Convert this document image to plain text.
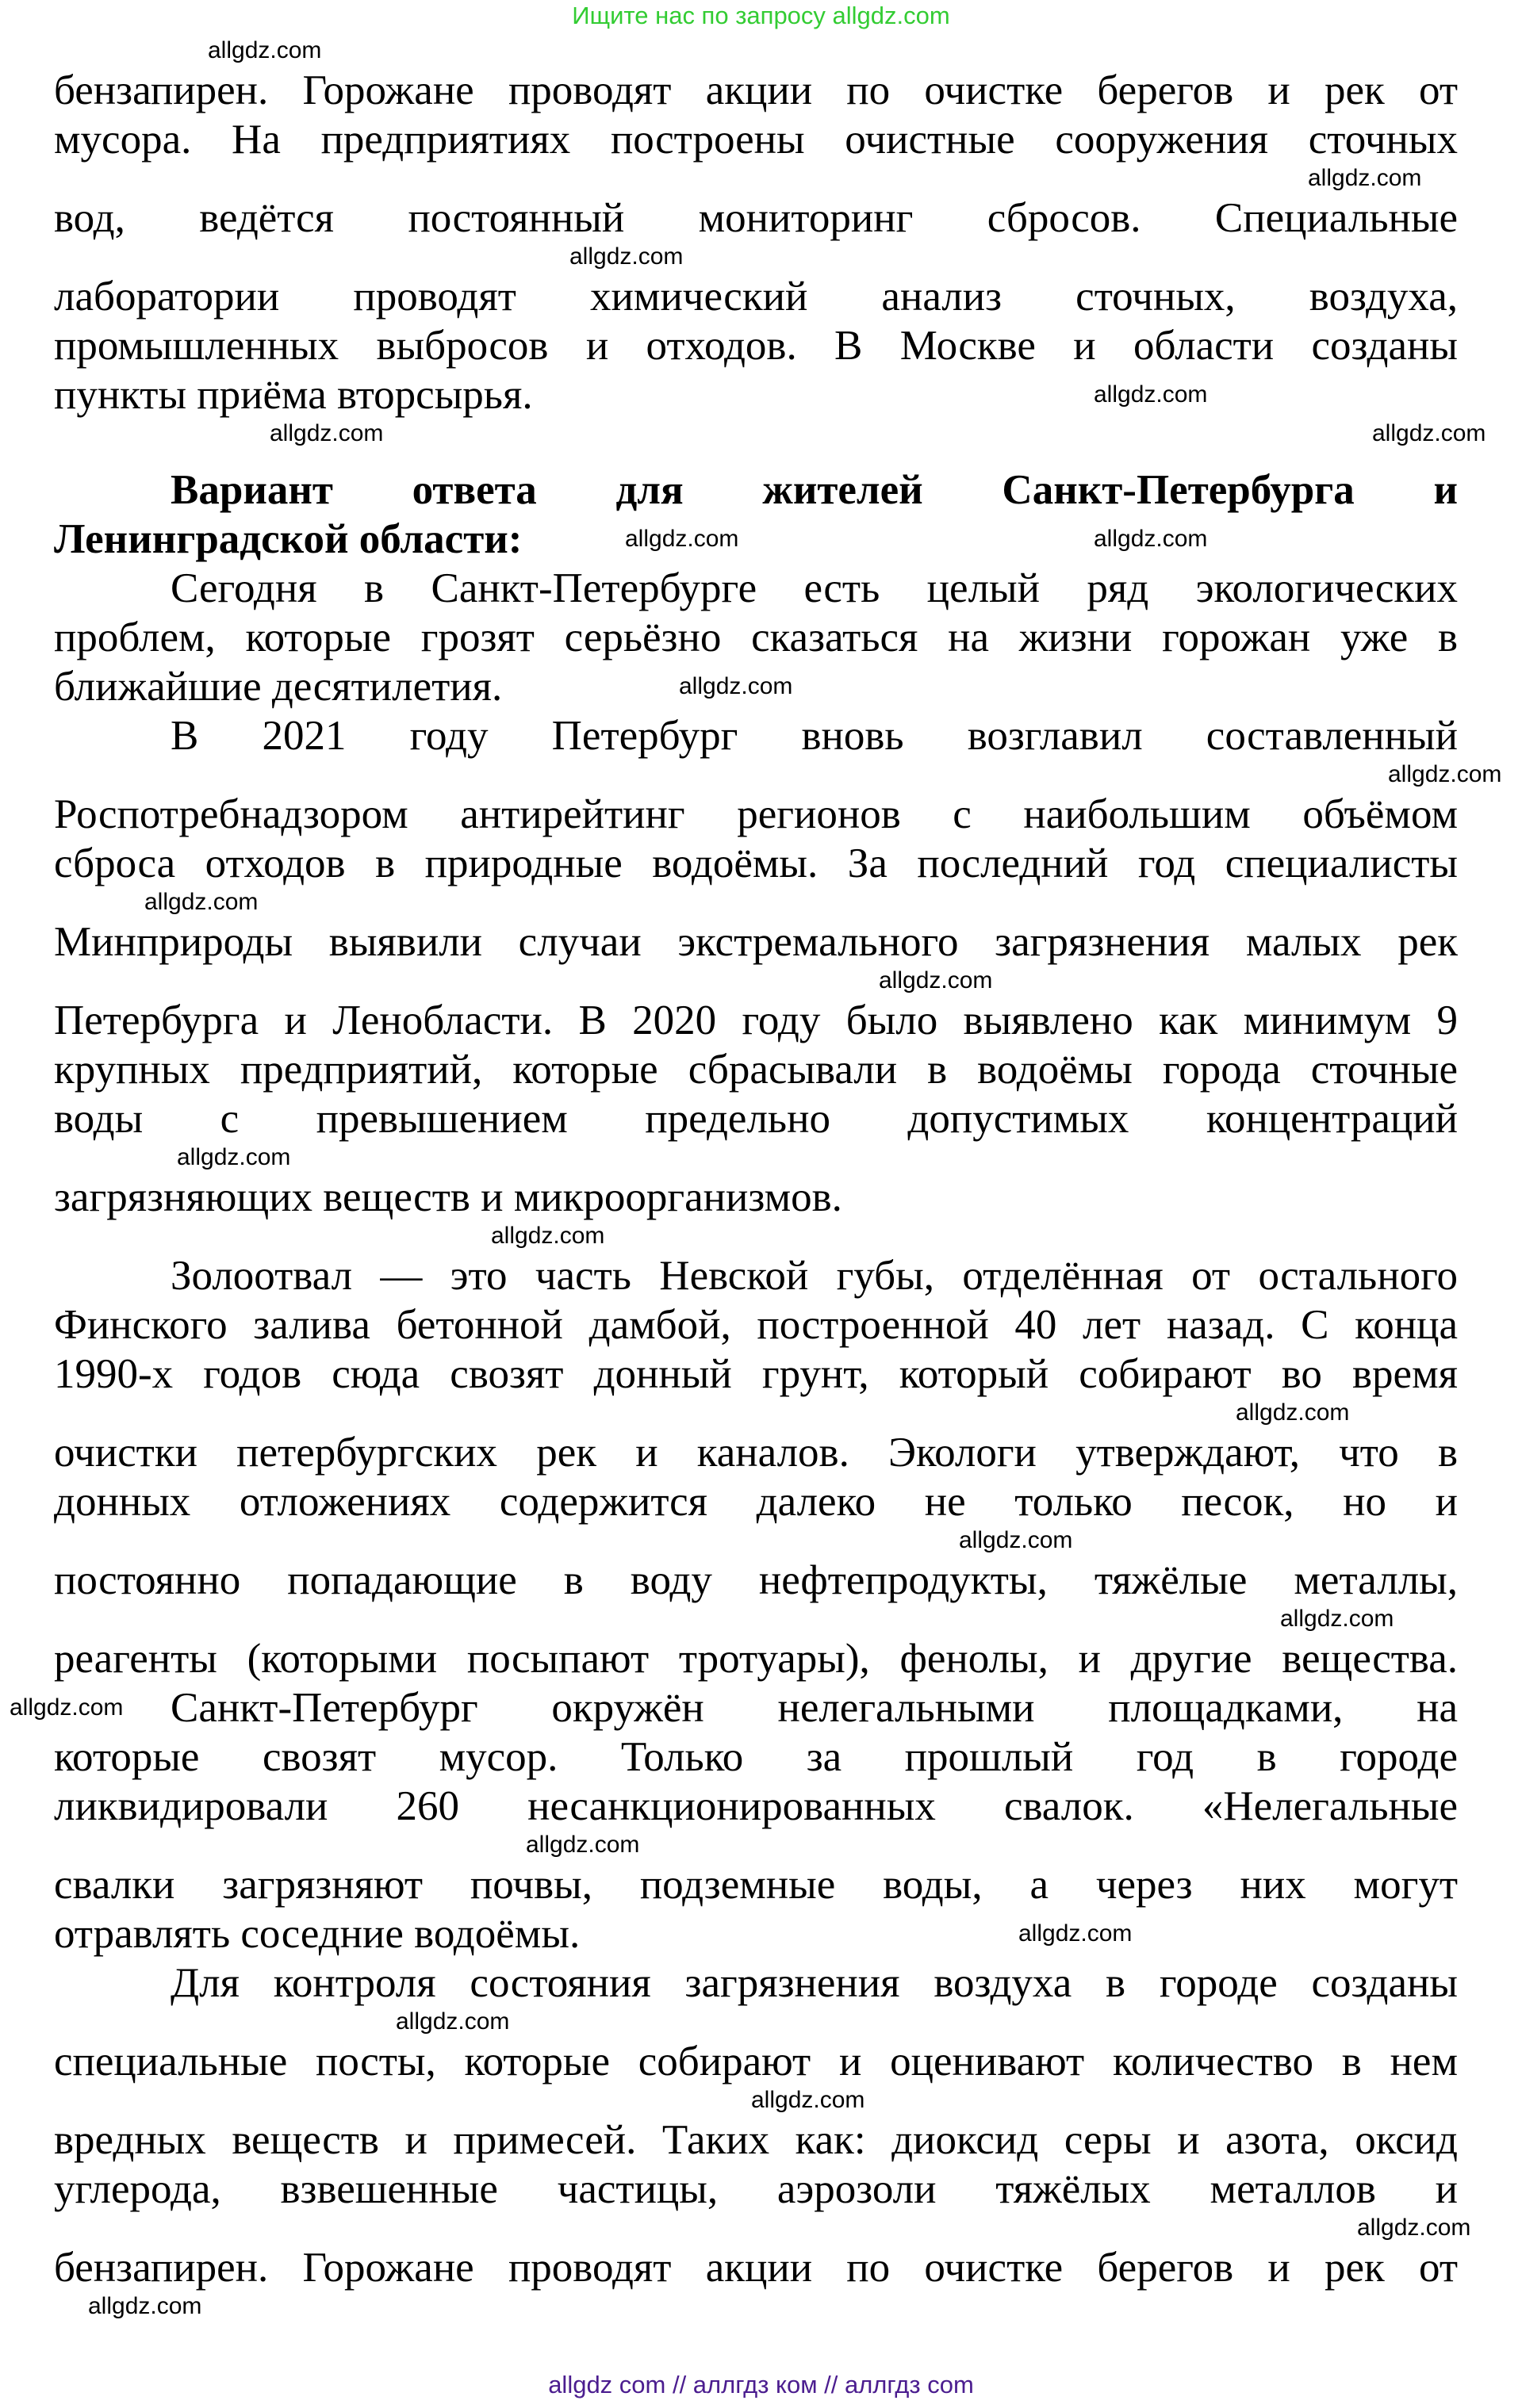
Ищите нас по запросу allgdz.com
бензапирен. Горожане проводят акции по очистке берегов и рек от
мусора. На предприятиях построены очистные сооружения сточных
вод, ведётся постоянный мониторинг сбросов. Специальные
лаборатории проводят химический анализ сточных, воздуха,
промышленных выбросов и отходов. В Москве и области созданы
пункты приёма вторсырья.
Вариант ответа для жителей Санкт-Петербурга и
Ленинградской области:
Сегодня в Санкт-Петербурге есть целый ряд экологических
проблем, которые грозят серьёзно сказаться на жизни горожан уже в
ближайшие десятилетия.
В 2021 году Петербург вновь возглавил составленный
Роспотребнадзором антирейтинг регионов с наибольшим объёмом
сброса отходов в природные водоёмы. За последний год специалисты
Минприроды выявили случаи экстремального загрязнения малых рек
Петербурга и Ленобласти. В 2020 году было выявлено как минимум 9
крупных предприятий, которые сбрасывали в водоёмы города сточные
воды с превышением предельно допустимых концентраций
загрязняющих веществ и микроорганизмов.
Золоотвал — это часть Невской губы, отделённая от остального
Финского залива бетонной дамбой, построенной 40 лет назад. С конца
1990-х годов сюда свозят донный грунт, который собирают во время
очистки петербургских рек и каналов. Экологи утверждают, что в
донных отложениях содержится далеко не только песок, но и
постоянно попадающие в воду нефтепродукты, тяжёлые металлы,
реагенты (которыми посыпают тротуары), фенолы, и другие вещества.
Санкт-Петербург окружён нелегальными площадками, на
которые свозят мусор. Только за прошлый год в городе
ликвидировали 260 несанкционированных свалок. «Нелегальные
свалки загрязняют почвы, подземные воды, а через них могут
отравлять соседние водоёмы.
Для контроля состояния загрязнения воздуха в городе созданы
специальные посты, которые собирают и оценивают количество в нем
вредных веществ и примесей. Таких как: диоксид серы и азота, оксид
углерода, взвешенные частицы, аэрозоли тяжёлых металлов и
бензапирен. Горожане проводят акции по очистке берегов и рек от
allgdz.com
allgdz.com
allgdz.com
allgdz.com
allgdz.com	allgdz.com
allgdz.com	allgdz.com
allgdz.com
allgdz.com
allgdz.com
allgdz.com
allgdz.com
allgdz.com
allgdz.com
allgdz.com
allgdz.com
allgdz.com
allgdz.com
allgdz.com
allgdz.com
allgdz.com
allgdz.com
allgdz.com
allgdz com // аллгдз ком // аллгдз com
